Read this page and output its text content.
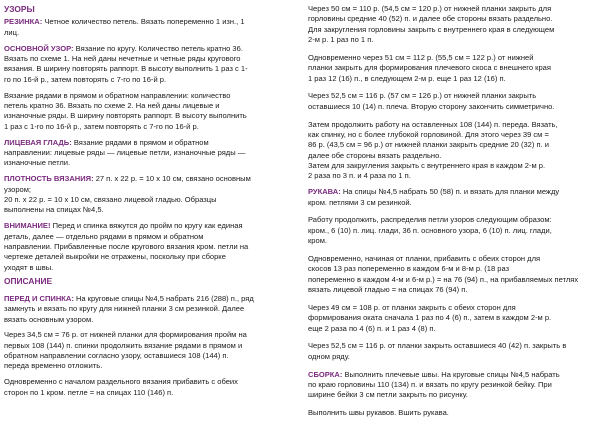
УЗОРЫ

РЕЗИНКА: Четное количество петель. Вязать попеременно 1 изн., 1
лиц.

ОСНОВНОЙ УЗОР: Вязание по кругу. Количество петель кратно 36.
Вязать по схеме 1. На ней даны нечетные и четные ряды кругового
вязания. В ширину повторять раппорт. В высоту выполнить 1 раз с 1-
го по 16-й р., затем повторять с 7-го по 16-й р.

Вязание рядами в прямом и обратном направлении: количество
петель кратно 36. Вязать по схеме 2. На ней даны лицевые и
изнаночные ряды. В ширину повторять раппорт. В высоту выполнить
1 раз с 1-го по 16-й р., затем повторять с 7-го по 16-й р.

ЛИЦЕВАЯ ГЛАДЬ: Вязание рядами в прямом и обратном
направлении: лицевые ряды — лицевые петли, изнаночные ряды —
изнаночные петли.

ПЛОТНОСТЬ ВЯЗАНИЯ: 27 п. x 22 р. = 10 x 10 см, связано основным
узором;
20 п. x 22 р. = 10 x 10 см, связано лицевой гладью. Образцы
выполнены на спицах №4,5.

ВНИМАНИЕ! Перед и спинка вяжутся до пройм по кругу как единая
деталь, далее — отдельно рядами в прямом и обратном
направлении. Прибавленные после кругового вязания кром. петли на
чертеже деталей выкройки не отражены, поскольку при сборке
уходят в швы.

ОПИСАНИЕ

ПЕРЕД И СПИНКА: На круговые спицы №4,5 набрать 216 (288) п., ряд
замкнуть и вязать по кругу для нижней планки 3 см резинкой. Далее
вязать основным узором.

Через 34,5 см = 76 р. от нижней планки для формирования пройм на
первых 108 (144) п. спинки продолжить вязание рядами в прямом и
обратном направлении согласно узору, оставшиеся 108 (144) п.
переда временно отложить.

Одновременно с началом раздельного вязания прибавить с обеих
сторон по 1 кром. петле = на спицах 110 (146) п.

Через 50 см = 110 р. (54,5 см = 120 р.) от нижней планки закрыть для
горловины средние 40 (52) п. и далее обе стороны вязать раздельно.
Для закругления горловины закрыть с внутреннего края в следующем
2-м р. 1 раз по 1 п.

Одновременно через 51 см = 112 р. (55,5 см = 122 р.) от нижней
планки закрыть для формирования плечевого скоса с внешнего края
1 раз 12 (16) п., в следующем 2-м р. еще 1 раз 12 (16) п.

Через 52,5 см = 116 р. (57 см = 126 р.) от нижней планки закрыть
оставшиеся 10 (14) п. плеча. Вторую сторону закончить симметрично.

Затем продолжить работу на оставленных 108 (144) п. переда. Вязать,
как спинку, но с более глубокой горловиной. Для этого через 39 см =
86 р. (43,5 см = 96 р.) от нижней планки закрыть средние 20 (32) п. и
далее обе стороны вязать раздельно.
Затем для закругления закрыть с внутреннего края в каждом 2-м р.
2 раза по 3 п. и 4 раза по 1 п.

РУКАВА: На спицы №4,5 набрать 50 (58) п. и вязать для планки между
кром. петлями 3 см резинкой.

Работу продолжить, распределив петли узоров следующим образом:
кром., 6 (10) п. лиц. глади, 36 п. основного узора, 6 (10) п. лиц. глади,
кром.

Одновременно, начиная от планки, прибавить с обеих сторон для
скосов 13 раз попеременно в каждом 6-м и 8-м р. (18 раз
попеременно в каждом 4-м и 6-м р.) = на 76 (94) п., на прибавляемых петлях
вязать лицевой гладью = на спицах 76 (94) п.

Через 49 см = 108 р. от планки закрыть с обеих сторон для
формирования оката сначала 1 раз по 4 (6) п., затем в каждом 2-м р.
еще 2 раза по 4 (6) п. и 1 раз 4 (8) п.

Через 52,5 см = 116 р. от планки закрыть оставшиеся 40 (42) п. закрыть в
одном ряду.

СБОРКА: Выполнить плечевые швы. На круговые спицы №4,5 набрать
по краю горловины 110 (134) п. и вязать по кругу резинкой бейку. При
ширине бейки 3 см петли закрыть по рисунку.

Выполнить швы рукавов. Вшить рукава.
